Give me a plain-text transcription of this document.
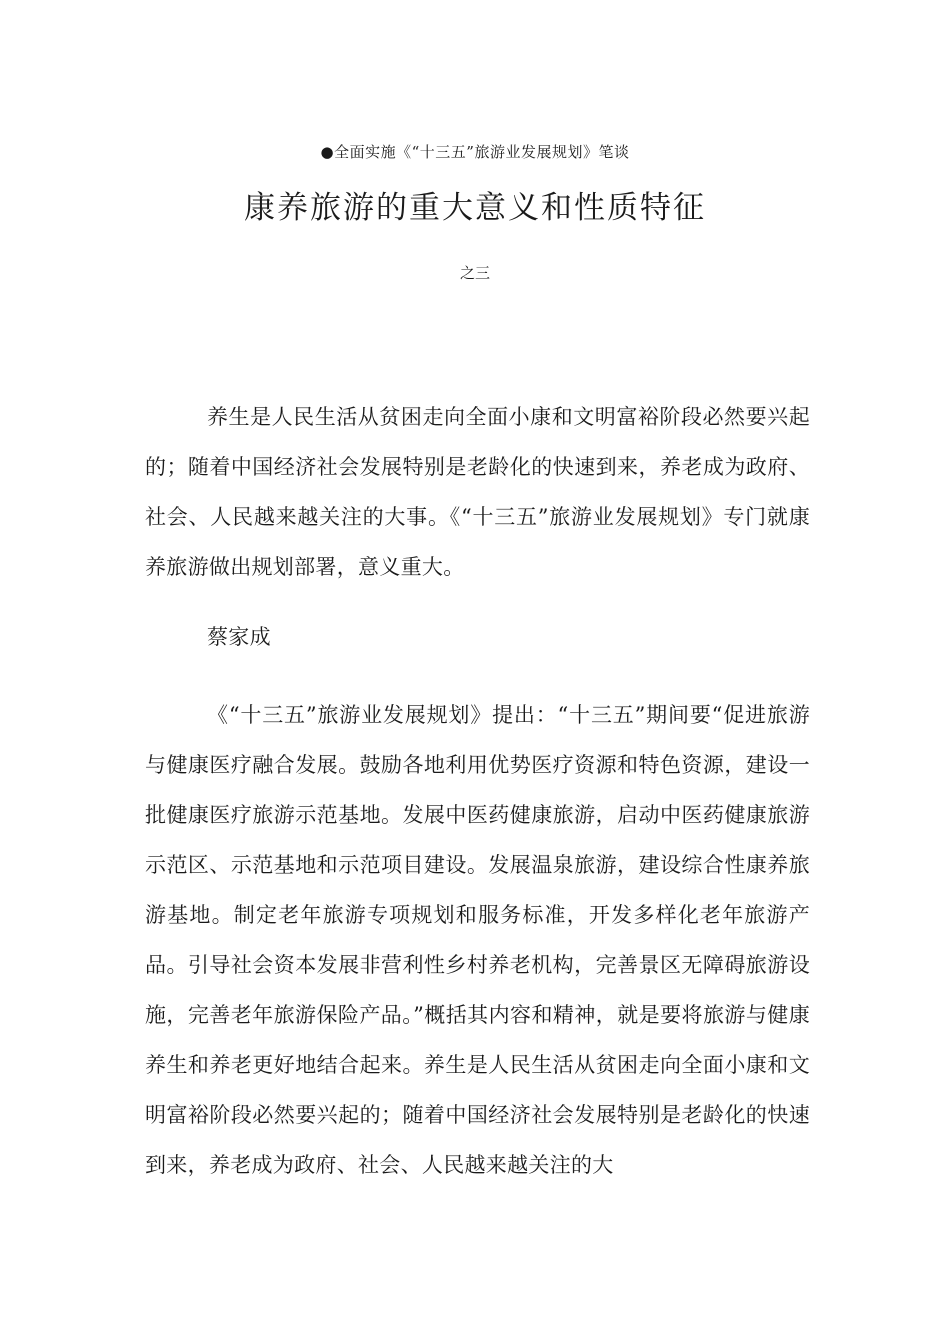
●全面实施《“十三五”旅游业发展规划》笔谈
康养旅游的重大意义和性质特征
之三

养生是人民生活从贫困走向全面小康和文明富裕阶段必然要兴起的；随着中国经济社会发展特别是老龄化的快速到来，养老成为政府、社会、人民越来越关注的大事。《“十三五”旅游业发展规划》专门就康养旅游做出规划部署，意义重大。

蔡家成

《“十三五”旅游业发展规划》提出：“十三五”期间要“促进旅游与健康医疗融合发展。鼓励各地利用优势医疗资源和特色资源，建设一批健康医疗旅游示范基地。发展中医药健康旅游，启动中医药健康旅游示范区、示范基地和示范项目建设。发展温泉旅游，建设综合性康养旅游基地。制定老年旅游专项规划和服务标准，开发多样化老年旅游产品。引导社会资本发展非营利性乡村养老机构，完善景区无障碍旅游设施，完善老年旅游保险产品。”概括其内容和精神，就是要将旅游与健康养生和养老更好地结合起来。养生是人民生活从贫困走向全面小康和文明富裕阶段必然要兴起的；随着中国经济社会发展特别是老龄化的快速到来，养老成为政府、社会、人民越来越关注的大
